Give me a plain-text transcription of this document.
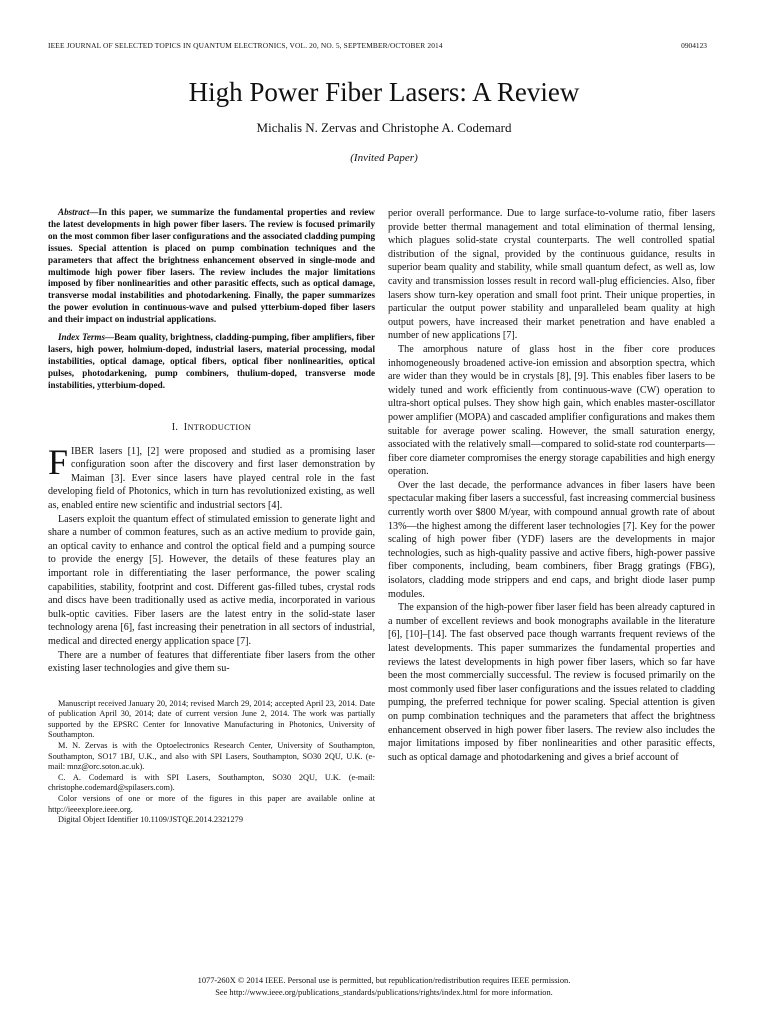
IEEE JOURNAL OF SELECTED TOPICS IN QUANTUM ELECTRONICS, VOL. 20, NO. 5, SEPTEMBER/OCTOBER 2014	0904123
High Power Fiber Lasers: A Review
Michalis N. Zervas and Christophe A. Codemard
(Invited Paper)

Abstract—In this paper, we summarize the fundamental properties and review the latest developments in high power fiber lasers. The review is focused primarily on the most common fiber laser configurations and the associated cladding pumping issues. Special attention is placed on pump combination techniques and the parameters that affect the brightness enhancement observed in single-mode and multimode high power fiber lasers. The review includes the major limitations imposed by fiber nonlinearities and other parasitic effects, such as optical damage, transverse modal instabilities and photodarkening. Finally, the paper summarizes the power evolution in continuous-wave and pulsed ytterbium-doped fiber lasers and their impact on industrial applications.

Index Terms—Beam quality, brightness, cladding-pumping, fiber amplifiers, fiber lasers, high power, holmium-doped, industrial lasers, material processing, modal instabilities, optical damage, optical fibers, optical fiber nonlinearities, optical pulses, photodarkening, pump combiners, thulium-doped, transverse mode instabilities, ytterbium-doped.

I. INTRODUCTION

FIBER lasers [1], [2] were proposed and studied as a promising laser configuration soon after the discovery and first laser demonstration by Maiman [3]. Ever since lasers have played central role in the fast developing field of Photonics, which in turn has revolutionized existing, as well as, enabled entire new scientific and industrial sectors [4].

Lasers exploit the quantum effect of stimulated emission to generate light and share a number of common features, such as an active medium to provide gain, an optical cavity to enhance and control the optical field and a pumping source to provide the energy [5]. However, the details of these features play an important role in differentiating the laser performance, the power scaling capabilities, stability, footprint and cost. Different gas-filled tubes, crystal rods and discs have been traditionally used as active media, incorporated in various bulk-optic cavities. Fiber lasers are the latest entry in the solid-state laser technology arena [6], fast increasing their penetration in all sectors of industrial, medical and directed energy application space [7].

There are a number of features that differentiate fiber lasers from the other existing laser technologies and give them su-

Manuscript received January 20, 2014; revised March 29, 2014; accepted April 23, 2014. Date of publication April 30, 2014; date of current version June 2, 2014. The work was partially supported by the EPSRC Center for Innovative Manufacturing in Photonics, University of Southampton.

M. N. Zervas is with the Optoelectronics Research Center, University of Southampton, Southampton, SO17 1BJ, U.K., and also with SPI Lasers, Southampton, SO30 2QU, U.K. (e-mail: mnz@orc.soton.ac.uk).

C. A. Codemard is with SPI Lasers, Southampton, SO30 2QU, U.K. (e-mail: christophe.codemard@spilasers.com).

Color versions of one or more of the figures in this paper are available online at http://ieeexplore.ieee.org.

Digital Object Identifier 10.1109/JSTQE.2014.2321279

perior overall performance. Due to large surface-to-volume ratio, fiber lasers provide better thermal management and total elimination of thermal lensing, which plagues solid-state crystal counterparts. The well controlled spatial distribution of the signal, provided by the continuous guidance, results in superior beam quality and stability, while small quantum defect, as well as, low cavity and transmission losses result in record wall-plug efficiencies. Also, fiber lasers show turn-key operation and small foot print. Their unique properties, in particular the output power stability and unparalleled beam quality at high output powers, have increased their market penetration and have enabled a number of new applications [7].

The amorphous nature of glass host in the fiber core produces inhomogeneously broadened active-ion emission and absorption spectra, which are wider than they would be in crystals [8], [9]. This enables fiber lasers to be widely tuned and work efficiently from continuous-wave (CW) operation to ultra-short optical pulses. They show high gain, which enables master-oscillator power amplifier (MOPA) and cascaded amplifier configurations and makes them suitable for average power scaling. However, the small saturation energy, associated with the relatively small—compared to solid-state rod counterparts—fiber core diameter compromises the energy storage capabilities and high energy operation.

Over the last decade, the performance advances in fiber lasers have been spectacular making fiber lasers a successful, fast increasing commercial business currently worth over $800 M/year, with compound annual growth rate of about 13%—the highest among the different laser technologies [7]. Key for the power scaling of high power fiber (YDF) lasers are the developments in major technologies, such as high-quality passive and active fibers, high-power passive fiber components, including, beam combiners, fiber Bragg gratings (FBG), isolators, cladding mode strippers and end caps, and bright diode laser pump modules.

The expansion of the high-power fiber laser field has been already captured in a number of excellent reviews and book monographs available in the literature [6], [10]–[14]. The fast observed pace though warrants frequent reviews of the latest developments. This paper summarizes the fundamental properties and reviews the latest developments in high power fiber lasers, which so far have been the most commercially successful. The review is focused primarily on the most commonly used fiber laser configurations and the issues related to cladding pumping, the preferred technique for power scaling. Special attention is given on pump combination techniques and the parameters that affect the brightness enhancement observed in high power fiber lasers. The review also includes the major limitations imposed by fiber nonlinearities and other parasitic effects, such as optical damage and photodarkening and gives a brief account of

1077-260X © 2014 IEEE. Personal use is permitted, but republication/redistribution requires IEEE permission.
See http://www.ieee.org/publications_standards/publications/rights/index.html for more information.
